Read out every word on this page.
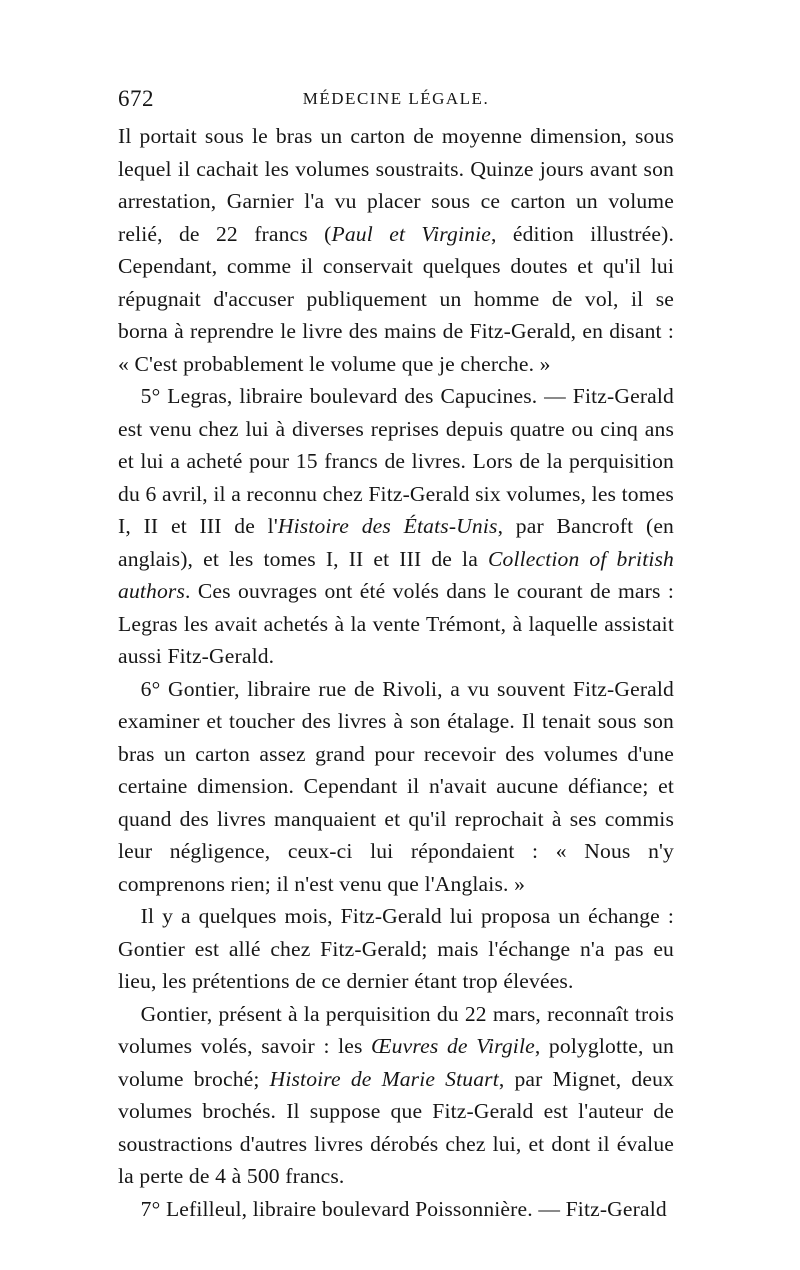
672	MÉDECINE LÉGALE.

Il portait sous le bras un carton de moyenne dimension, sous lequel il cachait les volumes soustraits. Quinze jours avant son arrestation, Garnier l'a vu placer sous ce carton un volume relié, de 22 francs (Paul et Virginie, édition illustrée). Cependant, comme il conservait quelques doutes et qu'il lui répugnait d'accuser publiquement un homme de vol, il se borna à reprendre le livre des mains de Fitz-Gerald, en disant : « C'est probablement le volume que je cherche. »

5° Legras, libraire boulevard des Capucines. — Fitz-Gerald est venu chez lui à diverses reprises depuis quatre ou cinq ans et lui a acheté pour 15 francs de livres. Lors de la perquisition du 6 avril, il a reconnu chez Fitz-Gerald six volumes, les tomes I, II et III de l'Histoire des États-Unis, par Bancroft (en anglais), et les tomes I, II et III de la Collection of british authors. Ces ouvrages ont été volés dans le courant de mars : Legras les avait achetés à la vente Trémont, à laquelle assistait aussi Fitz-Gerald.

6° Gontier, libraire rue de Rivoli, a vu souvent Fitz-Gerald examiner et toucher des livres à son étalage. Il tenait sous son bras un carton assez grand pour recevoir des volumes d'une certaine dimension. Cependant il n'avait aucune défiance; et quand des livres manquaient et qu'il reprochait à ses commis leur négligence, ceux-ci lui répondaient : « Nous n'y comprenons rien; il n'est venu que l'Anglais. »

Il y a quelques mois, Fitz-Gerald lui proposa un échange : Gontier est allé chez Fitz-Gerald; mais l'échange n'a pas eu lieu, les prétentions de ce dernier étant trop élevées.

Gontier, présent à la perquisition du 22 mars, reconnaît trois volumes volés, savoir : les Œuvres de Virgile, polyglotte, un volume broché; Histoire de Marie Stuart, par Mignet, deux volumes brochés. Il suppose que Fitz-Gerald est l'auteur de soustractions d'autres livres dérobés chez lui, et dont il évalue la perte de 4 à 500 francs.

7° Lefilleul, libraire boulevard Poissonnière. — Fitz-Gerald
